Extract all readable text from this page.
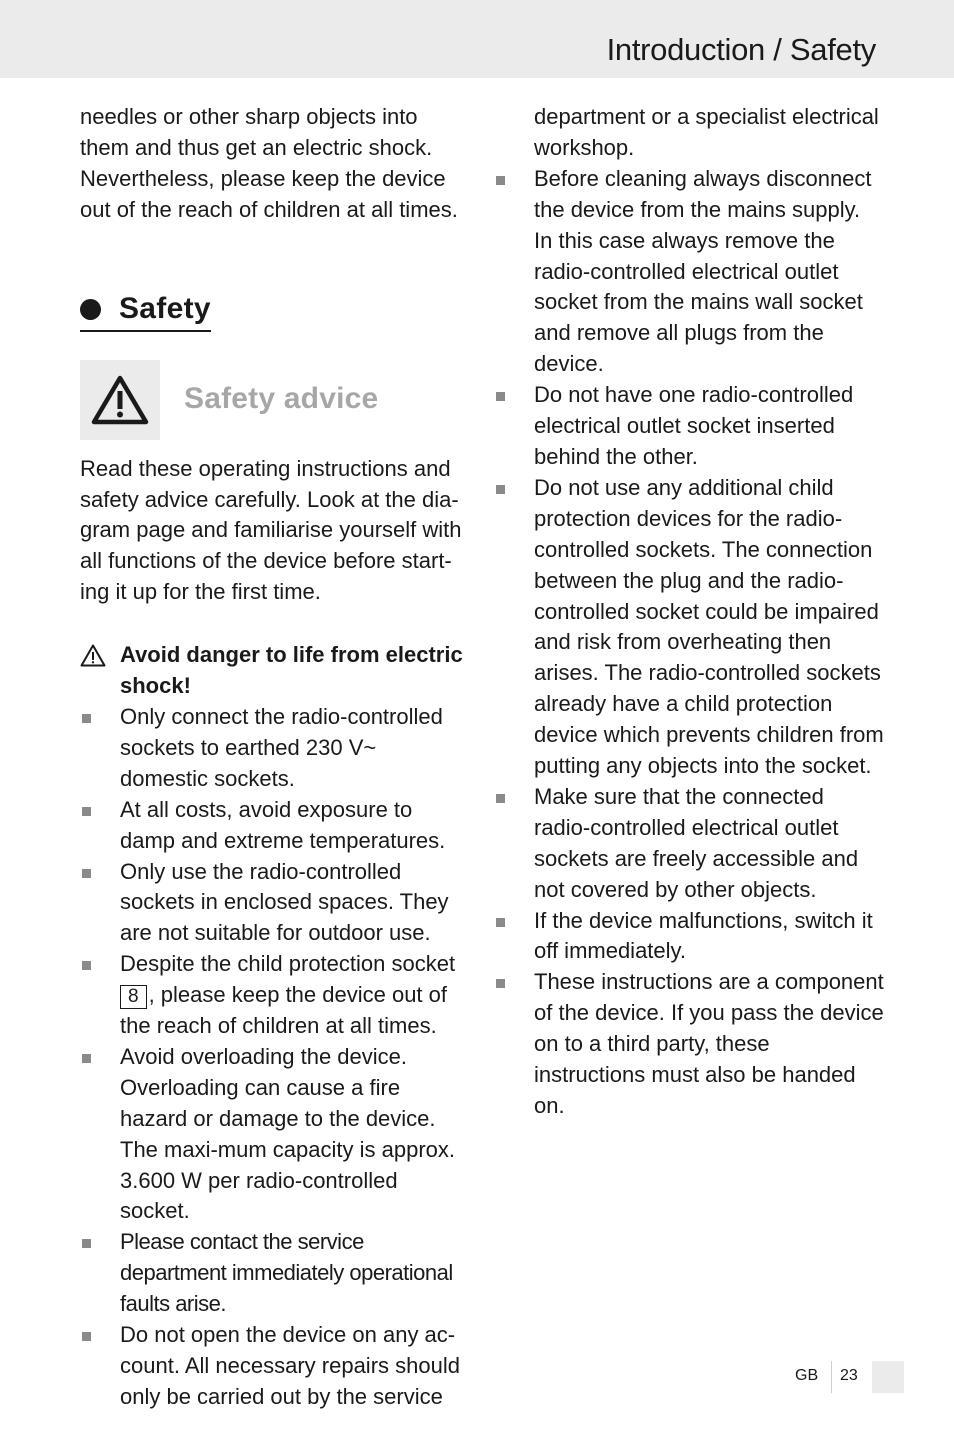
Introduction / Safety

needles or other sharp objects into them and thus get an electric shock. Nevertheless, please keep the device out of the reach of children at all times.

Safety
Safety advice

Read these operating instructions and safety advice carefully. Look at the dia-gram page and familiarise yourself with all functions of the device before start-ing it up for the first time.

Avoid danger to life from electric shock!
Only connect the radio-controlled sockets to earthed 230 V~ domestic sockets.
At all costs, avoid exposure to damp and extreme temperatures.
Only use the radio-controlled sockets in enclosed spaces. They are not suitable for outdoor use.
Despite the child protection socket 8 , please keep the device out of the reach of children at all times.
Avoid overloading the device. Overloading can cause a fire hazard or damage to the device. The maxi-mum capacity is approx. 3.600 W per radio-controlled socket.
Please contact the service department immediately operational faults arise.
Do not open the device on any ac-count. All necessary repairs should only be carried out by the service

department or a specialist electrical workshop.

Before cleaning always disconnect the device from the mains supply. In this case always remove the radio-controlled electrical outlet socket from the mains wall socket and remove all plugs from the device.
Do not have one radio-controlled electrical outlet socket inserted behind the other.
Do not use any additional child protection devices for the radio-controlled sockets. The connection between the plug and the radio-controlled socket could be impaired and risk from overheating then arises. The radio-controlled sockets already have a child protection device which prevents children from putting any objects into the socket.
Make sure that the connected radio-controlled electrical outlet sockets are freely accessible and not covered by other objects.
If the device malfunctions, switch it off immediately.
These instructions are a component of the device. If you pass the device on to a third party, these instructions must also be handed on.
GB 23
